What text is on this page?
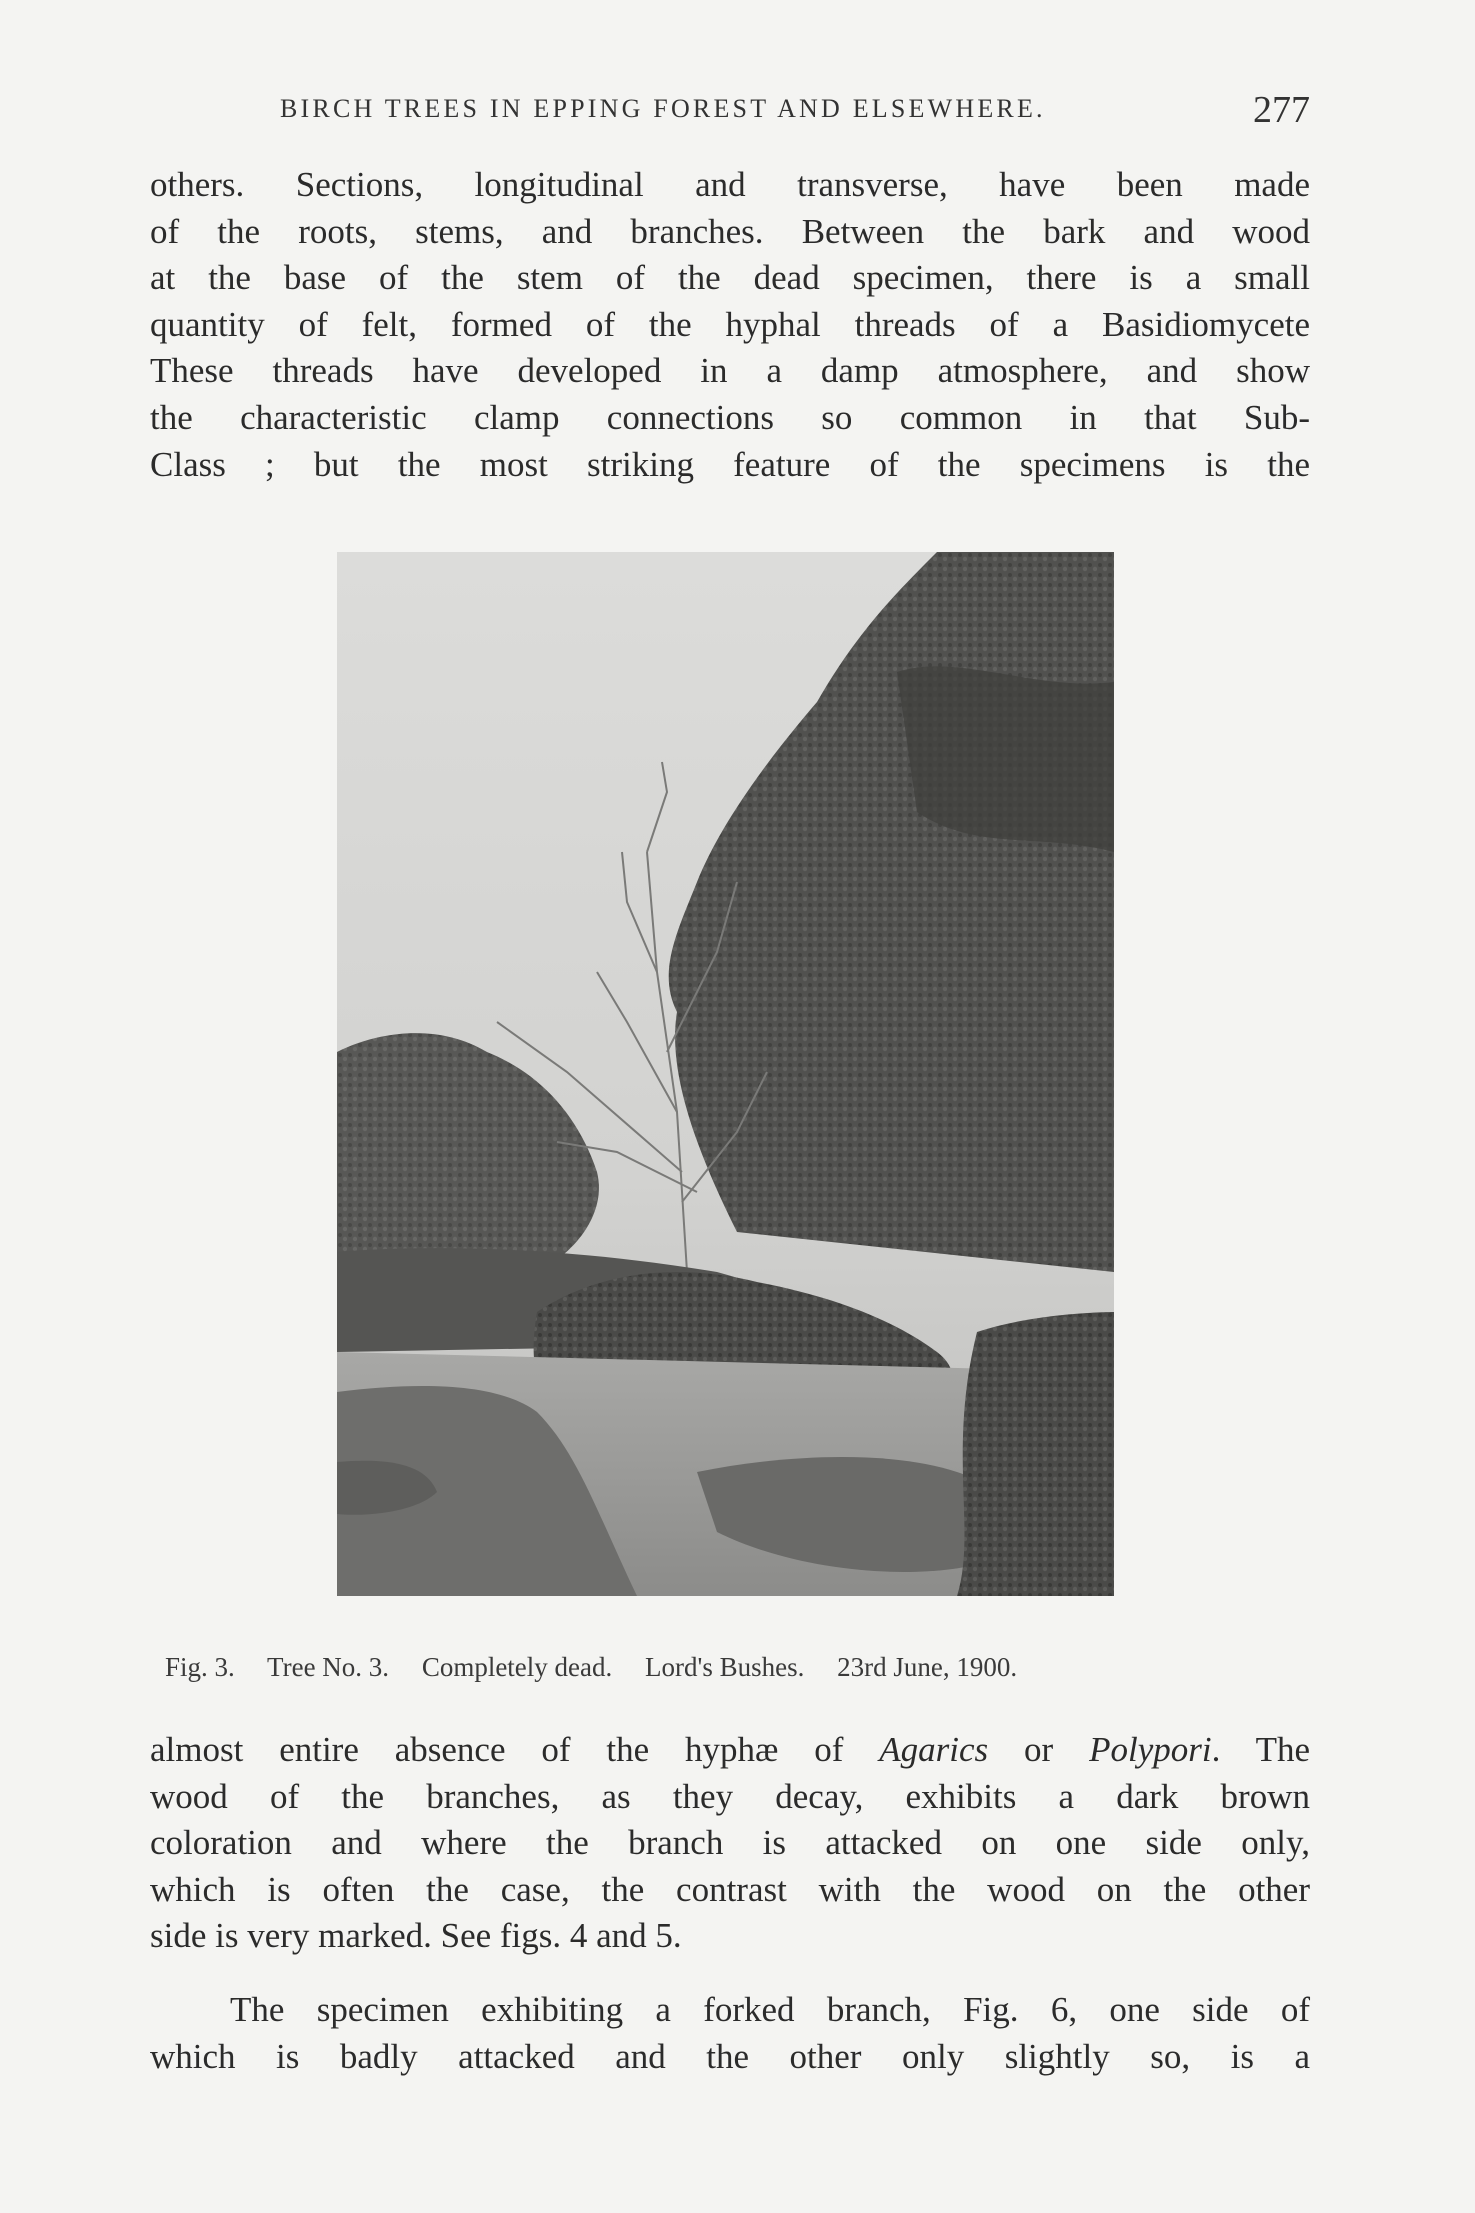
BIRCH TREES IN EPPING FOREST AND ELSEWHERE.	277
others. Sections, longitudinal and transverse, have been made
of the roots, stems, and branches. Between the bark and wood
at the base of the stem of the dead specimen, there is a small
quantity of felt, formed of the hyphal threads of a Basidiomycete
These threads have developed in a damp atmosphere, and show
the characteristic clamp connections so common in that Sub-
Class ; but the most striking feature of the specimens is the
Fig. 3. Tree No. 3. Completely dead. Lord's Bushes. 23rd June, 1900.
almost entire absence of the hyphæ of Agarics or Polypori. The
wood of the branches, as they decay, exhibits a dark brown
coloration and where the branch is attacked on one side only,
which is often the case, the contrast with the wood on the other
side is very marked. See figs. 4 and 5.
The specimen exhibiting a forked branch, Fig. 6, one side of
which is badly attacked and the other only slightly so, is a
